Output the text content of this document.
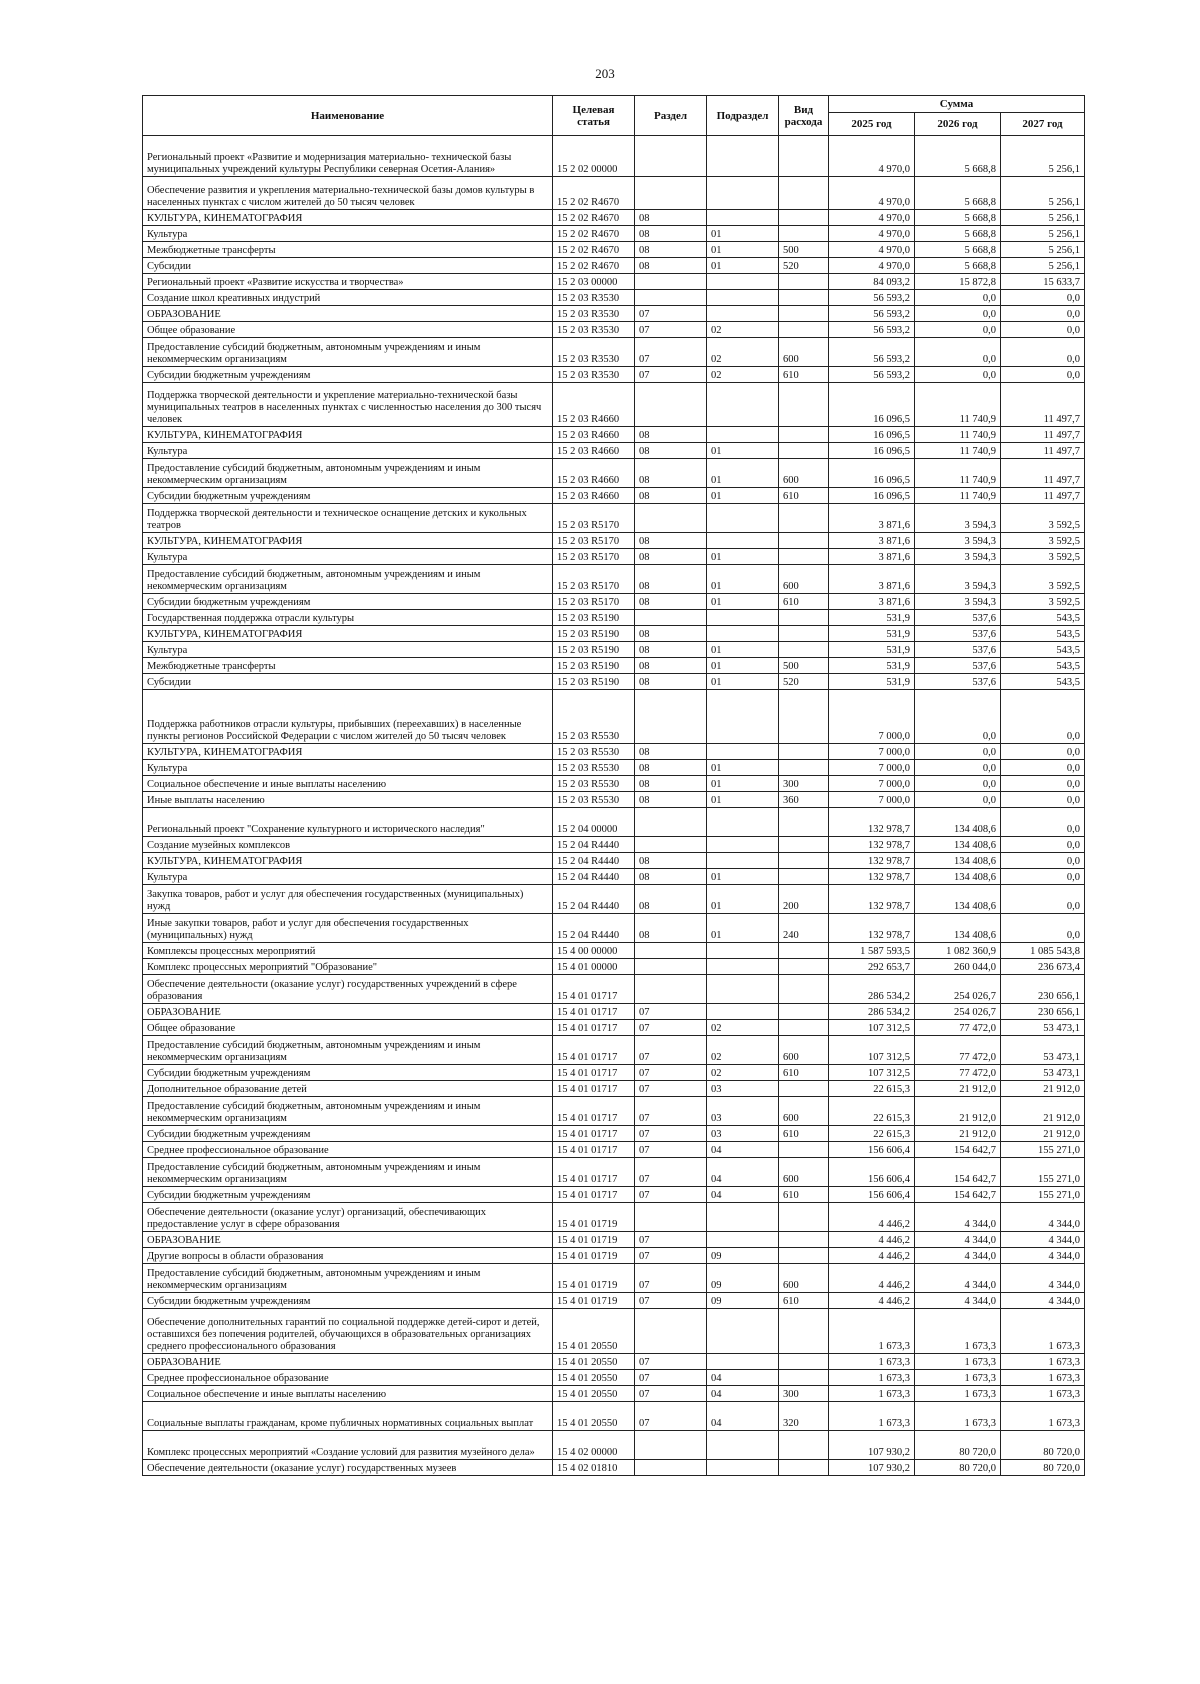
203
Наименование	Целевая статья	Раздел	Подраздел	Вид расхода	Сумма		
					2025 год	2026 год	2027 год
Региональный проект «Развитие и модернизация материально- технической базы муниципальных учреждений культуры Республики северная Осетия-Алания»	15 2 02 00000				4 970,0	5 668,8	5 256,1
Обеспечение развития и укрепления материально-технической базы домов культуры в населенных пунктах с числом жителей до 50 тысяч человек	15 2 02 R4670				4 970,0	5 668,8	5 256,1
КУЛЬТУРА, КИНЕМАТОГРАФИЯ	15 2 02 R4670	08			4 970,0	5 668,8	5 256,1
Культура	15 2 02 R4670	08	01		4 970,0	5 668,8	5 256,1
Межбюджетные трансферты	15 2 02 R4670	08	01	500	4 970,0	5 668,8	5 256,1
Субсидии	15 2 02 R4670	08	01	520	4 970,0	5 668,8	5 256,1
Региональный проект «Развитие искусства и творчества»	15 2 03 00000				84 093,2	15 872,8	15 633,7
Создание школ креативных индустрий	15 2 03 R3530				56 593,2	0,0	0,0
ОБРАЗОВАНИЕ	15 2 03 R3530	07			56 593,2	0,0	0,0
Общее образование	15 2 03 R3530	07	02		56 593,2	0,0	0,0
Предоставление субсидий бюджетным, автономным учреждениям и иным некоммерческим организациям	15 2 03 R3530	07	02	600	56 593,2	0,0	0,0
Субсидии бюджетным учреждениям	15 2 03 R3530	07	02	610	56 593,2	0,0	0,0
Поддержка творческой деятельности и укрепление материально-технической базы муниципальных театров в населенных пунктах с численностью населения до 300 тысяч человек	15 2 03 R4660				16 096,5	11 740,9	11 497,7
КУЛЬТУРА, КИНЕМАТОГРАФИЯ	15 2 03 R4660	08			16 096,5	11 740,9	11 497,7
Культура	15 2 03 R4660	08	01		16 096,5	11 740,9	11 497,7
Предоставление субсидий бюджетным, автономным учреждениям и иным некоммерческим организациям	15 2 03 R4660	08	01	600	16 096,5	11 740,9	11 497,7
Субсидии бюджетным учреждениям	15 2 03 R4660	08	01	610	16 096,5	11 740,9	11 497,7
Поддержка творческой деятельности и техническое оснащение детских и кукольных театров	15 2 03 R5170				3 871,6	3 594,3	3 592,5
КУЛЬТУРА, КИНЕМАТОГРАФИЯ	15 2 03 R5170	08			3 871,6	3 594,3	3 592,5
Культура	15 2 03 R5170	08	01		3 871,6	3 594,3	3 592,5
Предоставление субсидий бюджетным, автономным учреждениям и иным некоммерческим организациям	15 2 03 R5170	08	01	600	3 871,6	3 594,3	3 592,5
Субсидии бюджетным учреждениям	15 2 03 R5170	08	01	610	3 871,6	3 594,3	3 592,5
Государственная поддержка отрасли культуры	15 2 03 R5190				531,9	537,6	543,5
КУЛЬТУРА, КИНЕМАТОГРАФИЯ	15 2 03 R5190	08			531,9	537,6	543,5
Культура	15 2 03 R5190	08	01		531,9	537,6	543,5
Межбюджетные трансферты	15 2 03 R5190	08	01	500	531,9	537,6	543,5
Субсидии	15 2 03 R5190	08	01	520	531,9	537,6	543,5
Поддержка работников отрасли культуры, прибывших (переехавших) в населенные пункты регионов Российской Федерации с числом жителей до 50 тысяч человек	15 2 03 R5530				7 000,0	0,0	0,0
КУЛЬТУРА, КИНЕМАТОГРАФИЯ	15 2 03 R5530	08			7 000,0	0,0	0,0
Культура	15 2 03 R5530	08	01		7 000,0	0,0	0,0
Социальное обеспечение и иные выплаты населению	15 2 03 R5530	08	01	300	7 000,0	0,0	0,0
Иные выплаты населению	15 2 03 R5530	08	01	360	7 000,0	0,0	0,0
Региональный проект "Сохранение культурного и исторического наследия"	15 2 04 00000				132 978,7	134 408,6	0,0
Создание музейных комплексов	15 2 04 R4440				132 978,7	134 408,6	0,0
КУЛЬТУРА, КИНЕМАТОГРАФИЯ	15 2 04 R4440	08			132 978,7	134 408,6	0,0
Культура	15 2 04 R4440	08	01		132 978,7	134 408,6	0,0
Закупка товаров, работ и услуг для обеспечения государственных (муниципальных) нужд	15 2 04 R4440	08	01	200	132 978,7	134 408,6	0,0
Иные закупки товаров, работ и услуг для обеспечения государственных (муниципальных) нужд	15 2 04 R4440	08	01	240	132 978,7	134 408,6	0,0
Комплексы процессных мероприятий	15 4 00 00000				1 587 593,5	1 082 360,9	1 085 543,8
Комплекс процессных мероприятий "Образование"	15 4 01 00000				292 653,7	260 044,0	236 673,4
Обеспечение деятельности (оказание услуг) государственных учреждений в сфере образования	15 4 01 01717				286 534,2	254 026,7	230 656,1
ОБРАЗОВАНИЕ	15 4 01 01717	07			286 534,2	254 026,7	230 656,1
Общее образование	15 4 01 01717	07	02		107 312,5	77 472,0	53 473,1
Предоставление субсидий бюджетным, автономным учреждениям и иным некоммерческим организациям	15 4 01 01717	07	02	600	107 312,5	77 472,0	53 473,1
Субсидии бюджетным учреждениям	15 4 01 01717	07	02	610	107 312,5	77 472,0	53 473,1
Дополнительное образование детей	15 4 01 01717	07	03		22 615,3	21 912,0	21 912,0
Предоставление субсидий бюджетным, автономным учреждениям и иным некоммерческим организациям	15 4 01 01717	07	03	600	22 615,3	21 912,0	21 912,0
Субсидии бюджетным учреждениям	15 4 01 01717	07	03	610	22 615,3	21 912,0	21 912,0
Среднее профессиональное образование	15 4 01 01717	07	04		156 606,4	154 642,7	155 271,0
Предоставление субсидий бюджетным, автономным учреждениям и иным некоммерческим организациям	15 4 01 01717	07	04	600	156 606,4	154 642,7	155 271,0
Субсидии бюджетным учреждениям	15 4 01 01717	07	04	610	156 606,4	154 642,7	155 271,0
Обеспечение деятельности (оказание услуг) организаций, обеспечивающих предоставление услуг в сфере образования	15 4 01 01719				4 446,2	4 344,0	4 344,0
ОБРАЗОВАНИЕ	15 4 01 01719	07			4 446,2	4 344,0	4 344,0
Другие вопросы в области образования	15 4 01 01719	07	09		4 446,2	4 344,0	4 344,0
Предоставление субсидий бюджетным, автономным учреждениям и иным некоммерческим организациям	15 4 01 01719	07	09	600	4 446,2	4 344,0	4 344,0
Субсидии бюджетным учреждениям	15 4 01 01719	07	09	610	4 446,2	4 344,0	4 344,0
Обеспечение дополнительных гарантий по социальной поддержке детей-сирот и детей, оставшихся без попечения родителей, обучающихся в образовательных организациях среднего профессионального образования	15 4 01 20550				1 673,3	1 673,3	1 673,3
ОБРАЗОВАНИЕ	15 4 01 20550	07			1 673,3	1 673,3	1 673,3
Среднее профессиональное образование	15 4 01 20550	07	04		1 673,3	1 673,3	1 673,3
Социальное обеспечение и иные выплаты населению	15 4 01 20550	07	04	300	1 673,3	1 673,3	1 673,3
Социальные выплаты гражданам, кроме публичных нормативных социальных выплат	15 4 01 20550	07	04	320	1 673,3	1 673,3	1 673,3
Комплекс процессных мероприятий «Создание условий для развития музейного дела»	15 4 02 00000				107 930,2	80 720,0	80 720,0
Обеспечение деятельности (оказание услуг) государственных музеев	15 4 02 01810				107 930,2	80 720,0	80 720,0
